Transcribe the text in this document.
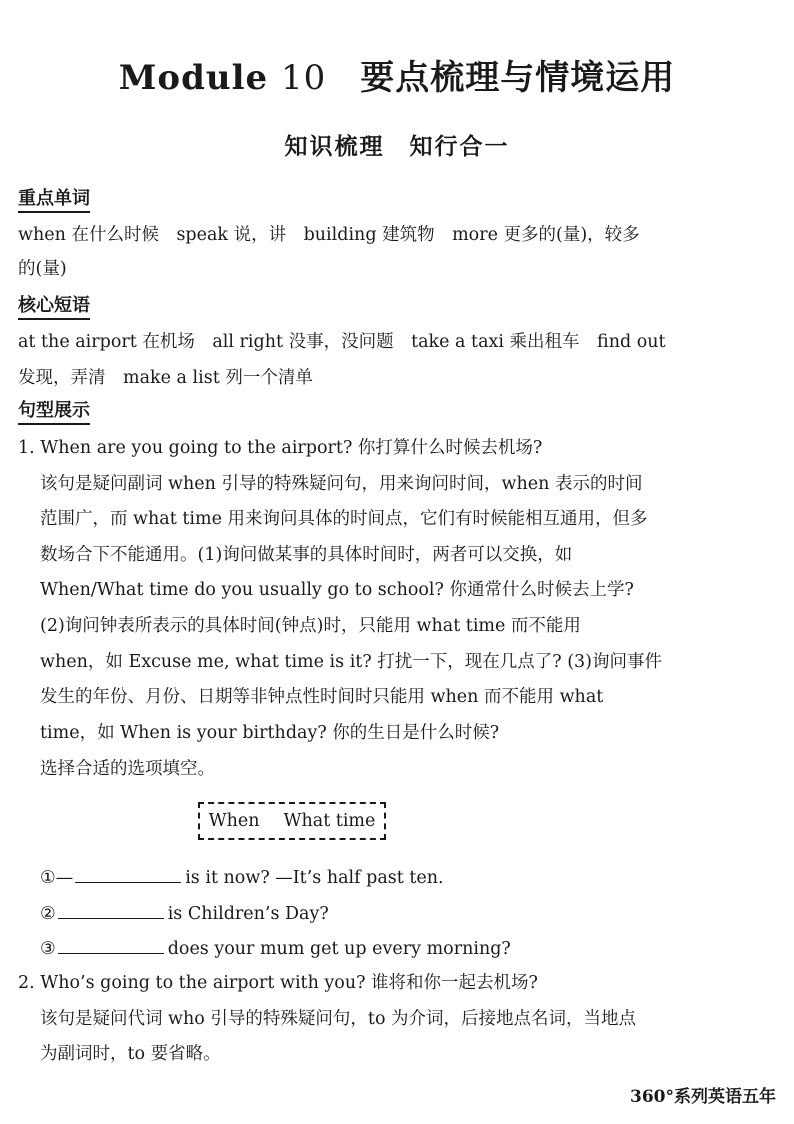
Module 10 要点梳理与情境运用
知识梳理　知行合一
重点单词
when 在什么时候　speak 说，讲　building 建筑物　more 更多的(量)，较多
的(量)
核心短语
at the airport 在机场　all right 没事，没问题　take a taxi 乘出租车　find out
发现，弄清　make a list 列一个清单
句型展示
1. When are you going to the airport? 你打算什么时候去机场?
该句是疑问副词 when 引导的特殊疑问句，用来询问时间，when 表示的时间
范围广，而 what time 用来询问具体的时间点，它们有时候能相互通用，但多
数场合下不能通用。(1)询问做某事的具体时间时，两者可以交换，如
When/What time do you usually go to school? 你通常什么时候去上学?
(2)询问钟表所表示的具体时间(钟点)时，只能用 what time 而不能用
when，如 Excuse me, what time is it? 打扰一下，现在几点了? (3)询问事件
发生的年份、月份、日期等非钟点性时间时只能用 when 而不能用 what
time，如 When is your birthday? 你的生日是什么时候?
选择合适的选项填空。
When What time
①—	is it now? —It’s half past ten.
②	is Children’s Day?
③	does your mum get up every morning?
2. Who’s going to the airport with you? 谁将和你一起去机场?
该句是疑问代词 who 引导的特殊疑问句，to 为介词，后接地点名词，当地点
为副词时，to 要省略。
360°系列英语五年
